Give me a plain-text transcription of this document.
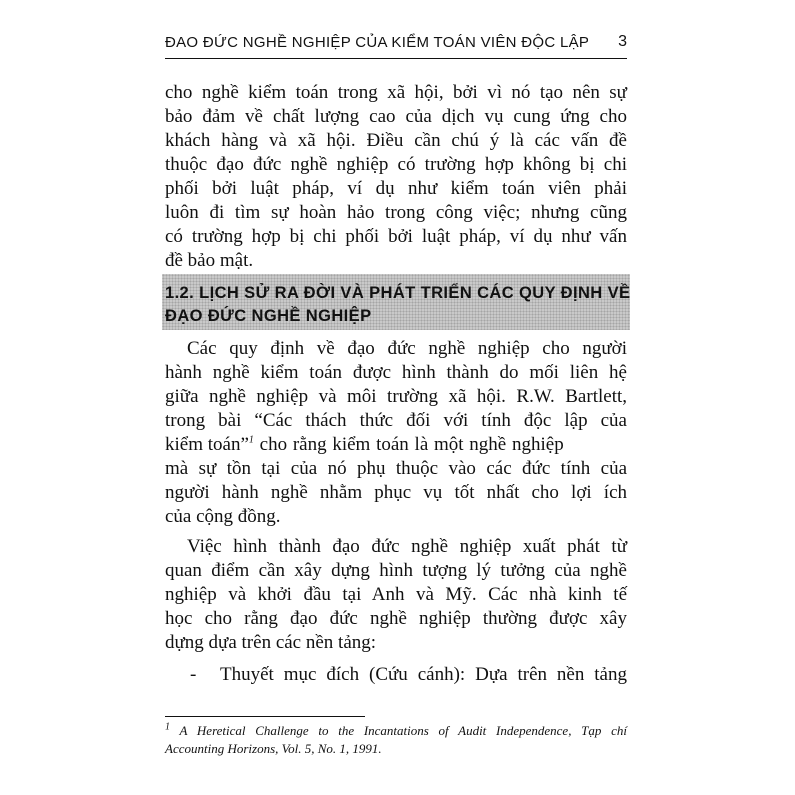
ĐAO ĐỨC NGHỀ NGHIỆP CỦA KIỂM TOÁN VIÊN ĐỘC LẬP 3
cho nghề kiểm toán trong xã hội, bởi vì nó tạo nên sự
bảo đảm về chất lượng cao của dịch vụ cung ứng cho
khách hàng và xã hội. Điều cần chú ý là các vấn đề
thuộc đạo đức nghề nghiệp có trường hợp không bị chi
phối bởi luật pháp, ví dụ như kiểm toán viên phải
luôn đi tìm sự hoàn hảo trong công việc; nhưng cũng
có trường hợp bị chi phối bởi luật pháp, ví dụ như vấn
đề bảo mật.
1.2. LỊCH SỬ RA ĐỜI VÀ PHÁT TRIỂN CÁC QUY ĐỊNH VỀ
ĐẠO ĐỨC NGHỀ NGHIỆP
Các quy định về đạo đức nghề nghiệp cho người
hành nghề kiểm toán được hình thành do mối liên hệ
giữa nghề nghiệp và môi trường xã hội. R.W. Bartlett,
trong bài “Các thách thức đối với tính độc lập của
kiểm toán”$^1$ cho rằng kiểm toán là một nghề nghiệp
mà sự tồn tại của nó phụ thuộc vào các đức tính của
người hành nghề nhằm phục vụ tốt nhất cho lợi ích
của cộng đồng.
Việc hình thành đạo đức nghề nghiệp xuất phát từ
quan điểm cần xây dựng hình tượng lý tưởng của nghề
nghiệp và khởi đầu tại Anh và Mỹ. Các nhà kinh tế
học cho rằng đạo đức nghề nghiệp thường được xây
dựng dựa trên các nền tảng:
- Thuyết mục đích (Cứu cánh): Dựa trên nền tảng
$^1$ A Heretical Challenge to the Incantations of Audit Independence, Tạp chí
Accounting Horizons, Vol. 5, No. 1, 1991.
